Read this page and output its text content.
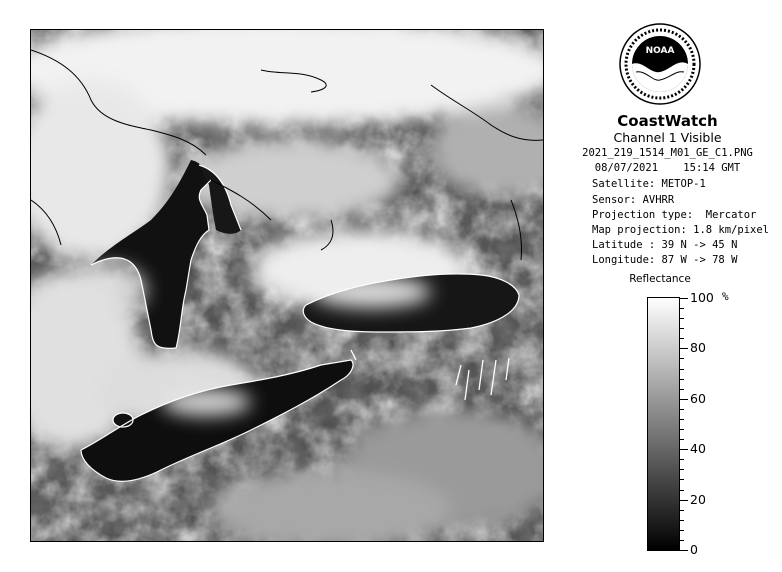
NOAA
CoastWatch
Channel 1 Visible
2021_219_1514_M01_GE_C1.PNG
08/07/2021    15:14 GMT
Satellite: METOP-1
Sensor: AVHRR
Projection type:  Mercator
Map projection: 1.8 km/pixel
Latitude : 39 N -> 45 N
Longitude: 87 W -> 78 W
Reflectance
100
80
60
40
20
0
%
